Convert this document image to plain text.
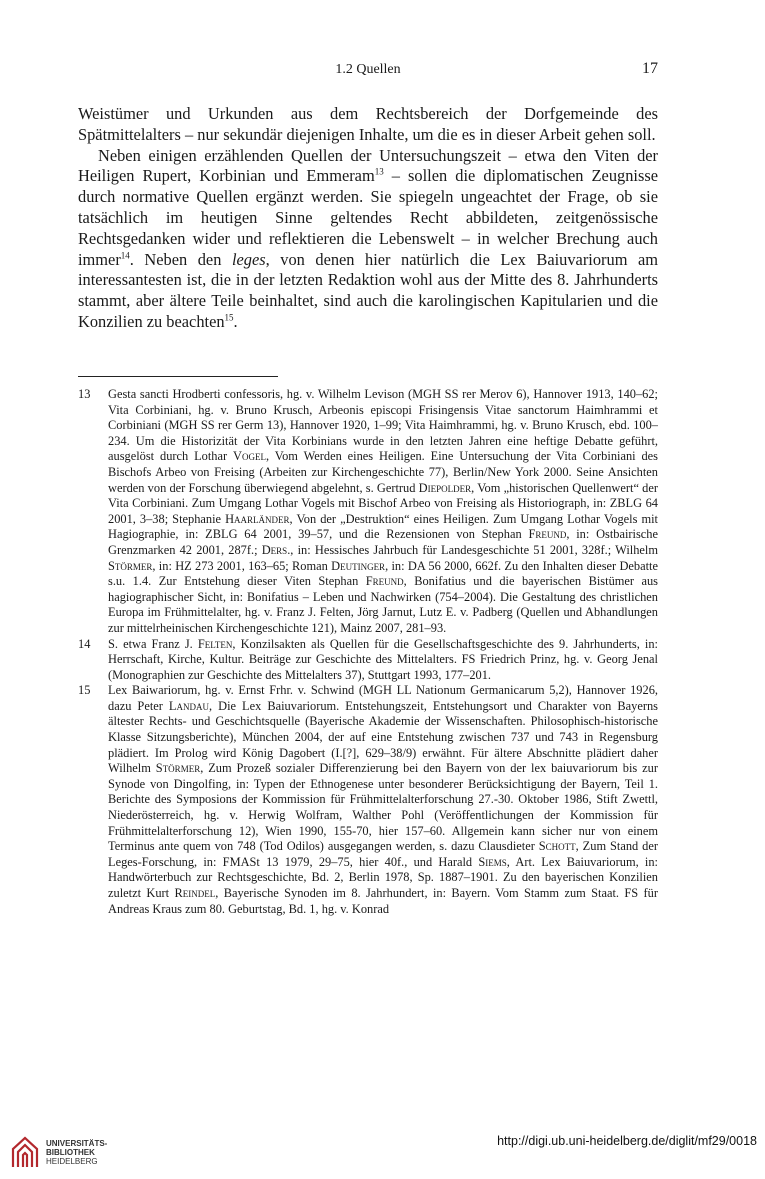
1.2 Quellen	17

Weistümer und Urkunden aus dem Rechtsbereich der Dorfgemeinde des Spätmittelalters – nur sekundär diejenigen Inhalte, um die es in dieser Arbeit gehen soll.

Neben einigen erzählenden Quellen der Untersuchungszeit – etwa den Viten der Heiligen Rupert, Korbinian und Emmeram$^{13}$ – sollen die diplomatischen Zeugnisse durch normative Quellen ergänzt werden. Sie spiegeln ungeachtet der Frage, ob sie tatsächlich im heutigen Sinne geltendes Recht abbildeten, zeitgenössische Rechtsgedanken wider und reflektieren die Lebenswelt – in welcher Brechung auch immer$^{14}$. Neben den leges, von denen hier natürlich die Lex Baiuvariorum am interessantesten ist, die in der letzten Redaktion wohl aus der Mitte des 8. Jahrhunderts stammt, aber ältere Teile beinhaltet, sind auch die karolingischen Kapitularien und die Konzilien zu beachten$^{15}$.

13 Gesta sancti Hrodberti confessoris, hg. v. Wilhelm Levison (MGH SS rer Merov 6), Hannover 1913, 140–62; Vita Corbiniani, hg. v. Bruno Krusch, Arbeonis episcopi Frisingensis Vitae sanctorum Haimhrammi et Corbiniani (MGH SS rer Germ 13), Hannover 1920, 1–99; Vita Haimhrammi, hg. v. Bruno Krusch, ebd. 100–234. Um die Historizität der Vita Korbinians wurde in den letzten Jahren eine heftige Debatte geführt, ausgelöst durch Lothar Vogel, Vom Werden eines Heiligen. Eine Untersuchung der Vita Corbiniani des Bischofs Arbeo von Freising (Arbeiten zur Kirchengeschichte 77), Berlin/New York 2000. Seine Ansichten werden von der Forschung überwiegend abgelehnt, s. Gertrud Diepolder, Vom „historischen Quellenwert“ der Vita Corbiniani. Zum Umgang Lothar Vogels mit Bischof Arbeo von Freising als Historiograph, in: ZBLG 64 2001, 3–38; Stephanie Haarländer, Von der „Destruktion“ eines Heiligen. Zum Umgang Lothar Vogels mit Hagiographie, in: ZBLG 64 2001, 39–57, und die Rezensionen von Stephan Freund, in: Ostbairische Grenzmarken 42 2001, 287f.; Ders., in: Hessisches Jahrbuch für Landesgeschichte 51 2001, 328f.; Wilhelm Störmer, in: HZ 273 2001, 163–65; Roman Deutinger, in: DA 56 2000, 662f. Zu den Inhalten dieser Debatte s.u. 1.4. Zur Entstehung dieser Viten Stephan Freund, Bonifatius und die bayerischen Bistümer aus hagiographischer Sicht, in: Bonifatius – Leben und Nachwirken (754–2004). Die Gestaltung des christlichen Europa im Frühmittelalter, hg. v. Franz J. Felten, Jörg Jarnut, Lutz E. v. Padberg (Quellen und Abhandlungen zur mittelrheinischen Kirchengeschichte 121), Mainz 2007, 281–93.
14 S. etwa Franz J. Felten, Konzilsakten als Quellen für die Gesellschaftsgeschichte des 9. Jahrhunderts, in: Herrschaft, Kirche, Kultur. Beiträge zur Geschichte des Mittelalters. FS Friedrich Prinz, hg. v. Georg Jenal (Monographien zur Geschichte des Mittelalters 37), Stuttgart 1993, 177–201.
15 Lex Baiwariorum, hg. v. Ernst Frhr. v. Schwind (MGH LL Nationum Germanicarum 5,2), Hannover 1926, dazu Peter Landau, Die Lex Baiuvariorum. Entstehungszeit, Entstehungsort und Charakter von Bayerns ältester Rechts- und Geschichtsquelle (Bayerische Akademie der Wissenschaften. Philosophisch-historische Klasse Sitzungsberichte), München 2004, der auf eine Entstehung zwischen 737 und 743 in Regensburg plädiert. Im Prolog wird König Dagobert (I.[?], 629–38/9) erwähnt. Für ältere Abschnitte plädiert daher Wilhelm Störmer, Zum Prozeß sozialer Differenzierung bei den Bayern von der lex baiuvariorum bis zur Synode von Dingolfing, in: Typen der Ethnogenese unter besonderer Berücksichtigung der Bayern, Teil 1. Berichte des Symposions der Kommission für Frühmittelalterforschung 27.-30. Oktober 1986, Stift Zwettl, Niederösterreich, hg. v. Herwig Wolfram, Walther Pohl (Veröffentlichungen der Kommission für Frühmittelalterforschung 12), Wien 1990, 155-70, hier 157–60. Allgemein kann sicher nur von einem Terminus ante quem von 748 (Tod Odilos) ausgegangen werden, s. dazu Clausdieter Schott, Zum Stand der Leges-Forschung, in: FMASt 13 1979, 29–75, hier 40f., und Harald Siems, Art. Lex Baiuvariorum, in: Handwörterbuch zur Rechtsgeschichte, Bd. 2, Berlin 1978, Sp. 1887–1901. Zu den bayerischen Konzilien zuletzt Kurt Reindel, Bayerische Synoden im 8. Jahrhundert, in: Bayern. Vom Stamm zum Staat. FS für Andreas Kraus zum 80. Geburtstag, Bd. 1, hg. v. Konrad
UNIVERSITÄTS-
BIBLIOTHEK
HEIDELBERG
http://digi.ub.uni-heidelberg.de/diglit/mf29/0018
